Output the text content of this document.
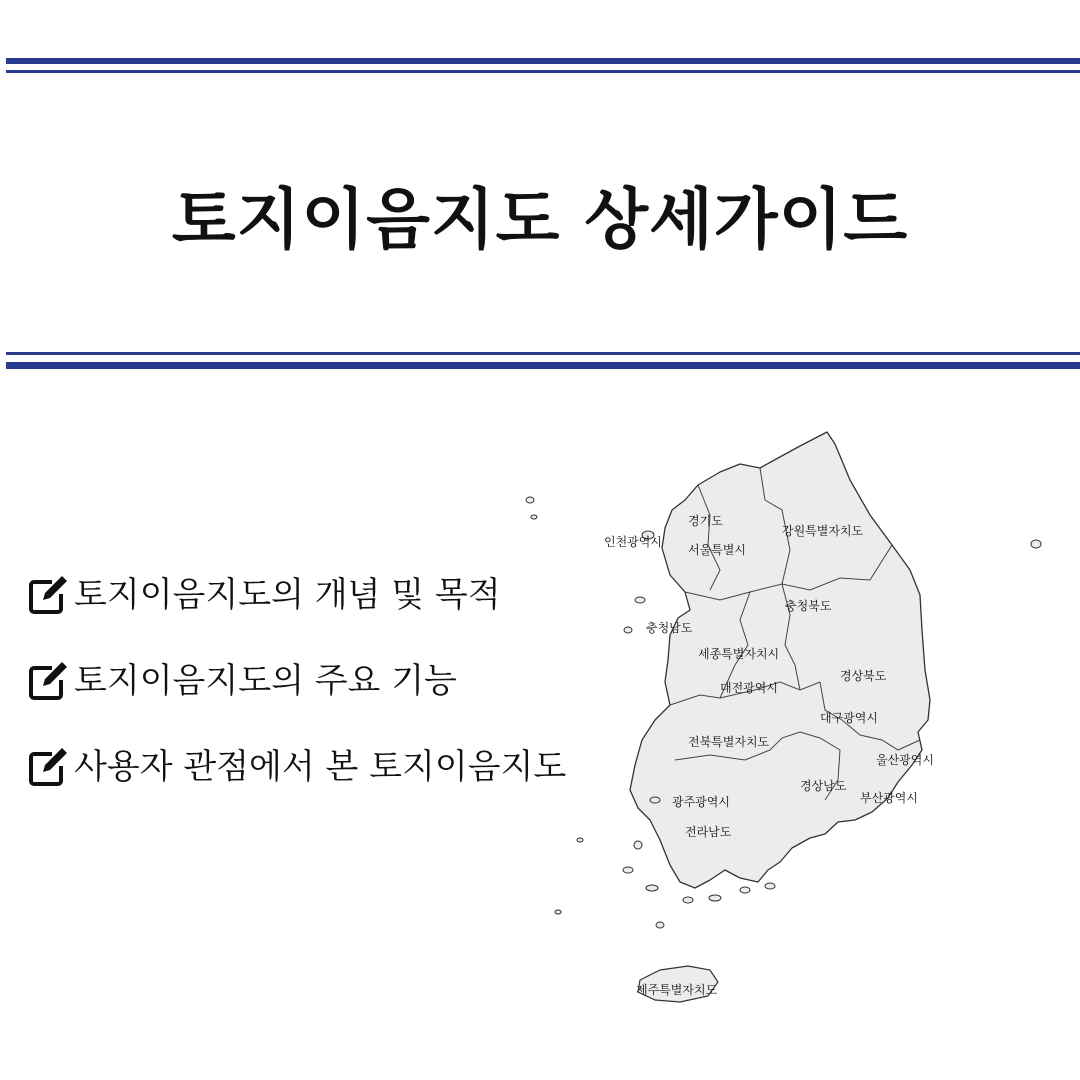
토지이음지도 상세가이드
토지이음지도의 개념 및 목적
토지이음지도의 주요 기능
사용자 관점에서 본 토지이음지도
경기도
강원특별자치도
인천광역시
서울특별시
충청북도
충청남도
세종특별자치시
대전광역시
경상북도
대구광역시
전북특별자치도
울산광역시
경상남도
부산광역시
광주광역시
전라남도
제주특별자치도
